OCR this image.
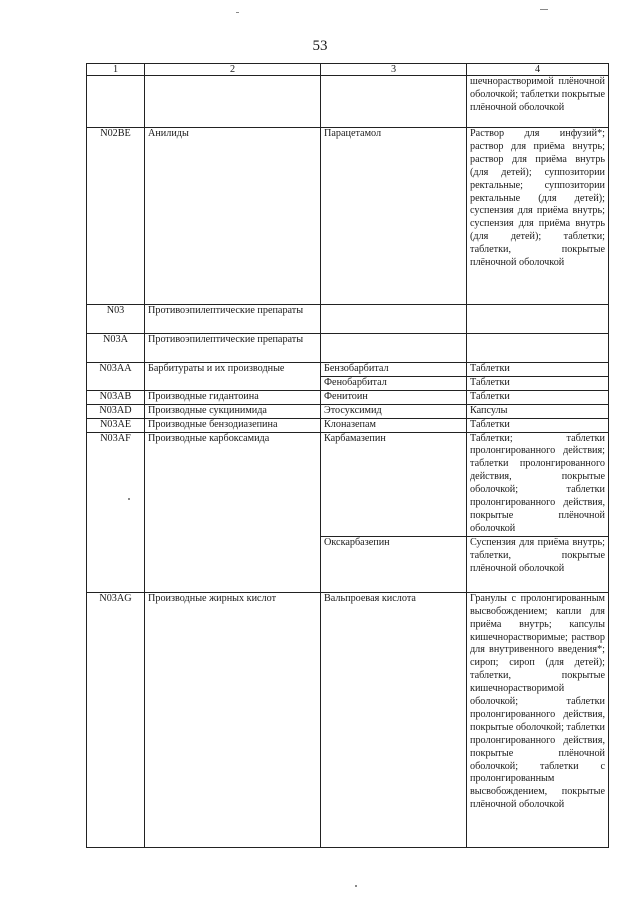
53
1	2	3	4
			шечнорастворимой плёночной оболочкой; таблетки покрытые плёночной оболочкой
N02BE	Анилиды	Парацетамол	Раствор для инфузий*; раствор для приёма внутрь; раствор для приёма внутрь (для детей); суппозитории ректальные; суппозитории ректальные (для детей); суспензия для приёма внутрь; суспензия для приёма внутрь (для детей); таблетки; таблетки, покрытые плёночной оболочкой
N03	Противоэпилептические препараты		
N03A	Противоэпилептические препараты		
N03AA	Барбитураты и их производные	Бензобарбитал	Таблетки
		Фенобарбитал	Таблетки
N03AB	Производные гидантоина	Фенитоин	Таблетки
N03AD	Производные сукцинимида	Этосуксимид	Капсулы
N03AE	Производные бензодиазепина	Клоназепам	Таблетки
N03AF	Производные карбоксамида	Карбамазепин	Таблетки; таблетки пролонгированного действия; таблетки пролонгированного действия, покрытые оболочкой; таблетки пролонгированного действия, покрытые плёночной оболочкой
		Окскарбазепин	Суспензия для приёма внутрь; таблетки, покрытые плёночной оболочкой
N03AG	Производные жирных кислот	Вальпроевая кислота	Гранулы с пролонгированным высвобождением; капли для приёма внутрь; капсулы кишечнорастворимые; раствор для внутривенного введения*; сироп; сироп (для детей); таблетки, покрытые кишечнорастворимой оболочкой; таблетки пролонгированного действия, покрытые оболочкой; таблетки пролонгированного действия, покрытые плёночной оболочкой; таблетки с пролонгированным высвобождением, покрытые плёночной оболочкой
